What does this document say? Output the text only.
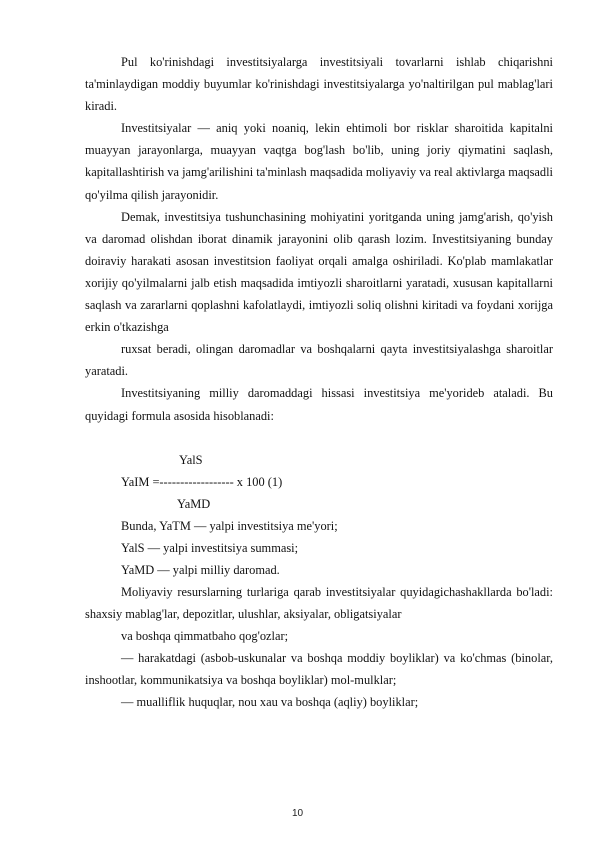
Pul ko'rinishdagi investitsiyalarga investitsiyali tovarlarni ishlab chiqarishni ta'minlaydigan moddiy buyumlar ko'rinishdagi investitsiyalarga yo'naltirilgan pul mablag'lari kiradi.

Investitsiyalar — aniq yoki noaniq, lekin ehtimoli bor risklar sharoitida kapitalni muayyan jarayonlarga, muayyan vaqtga bog'lash bo'lib, uning joriy qiymatini saqlash, kapitallashtirish va jamg'arilishini ta'minlash maqsadida moliyaviy va real aktivlarga maqsadli qo'yilma qilish jarayonidir.

Demak, investitsiya tushunchasining mohiyatini yoritganda uning jamg'arish, qo'yish va daromad olishdan iborat dinamik jarayonini olib qarash lozim. Investitsiyaning bunday doiraviy harakati asosan investitsion faoliyat orqali amalga oshiriladi. Ko'plab mamlakatlar xorijiy qo'yilmalarni jalb etish maqsadida imtiyozli sharoitlarni yaratadi, xususan kapitallarni saqlash va zararlarni qoplashni kafolatlaydi, imtiyozli soliq olishni kiritadi va foydani xorijga erkin o'tkazishga

ruxsat beradi, olingan daromadlar va boshqalarni qayta investitsiyalashga sharoitlar yaratadi.

Investitsiyaning milliy daromaddagi hissasi investitsiya me'yorideb ataladi. Bu quyidagi formula asosida hisoblanadi:

YalS
YaIM =------------------ x 100 (1)
YaMD

Bunda, YaTM — yalpi investitsiya me'yori;

YalS — yalpi investitsiya summasi;

YaMD — yalpi milliy daromad.

Moliyaviy resurslarning turlariga qarab investitsiyalar quyidagichashakllarda bo'ladi: shaxsiy mablag'lar, depozitlar, ulushlar, aksiyalar, obligatsiyalar

va boshqa qimmatbaho qog'ozlar;

— harakatdagi (asbob-uskunalar va boshqa moddiy boyliklar) va ko'chmas (binolar, inshootlar, kommunikatsiya va boshqa boyliklar) mol-mulklar;

— mualliflik huquqlar, nou xau va boshqa (aqliy) boyliklar;

10
